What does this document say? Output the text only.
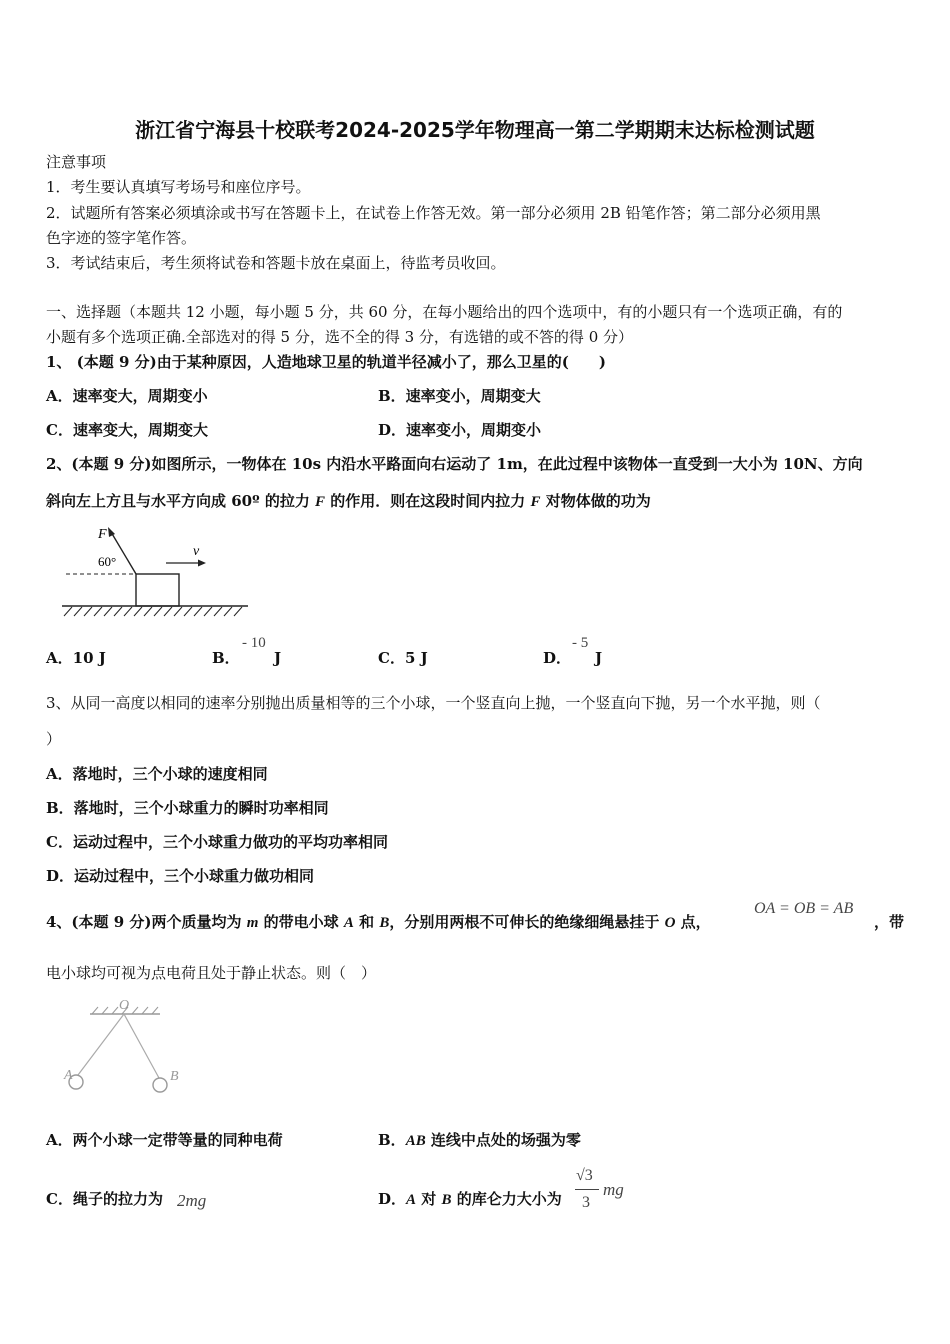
浙江省宁海县十校联考2024-2025学年物理高一第二学期期末达标检测试题
注意事项
1．考生要认真填写考场号和座位序号。
2．试题所有答案必须填涂或书写在答题卡上，在试卷上作答无效。第一部分必须用 2B 铅笔作答；第二部分必须用黑
色字迹的签字笔作答。
3．考试结束后，考生须将试卷和答题卡放在桌面上，待监考员收回。
一、选择题（本题共 12 小题，每小题 5 分，共 60 分，在每小题给出的四个选项中，有的小题只有一个选项正确，有的
小题有多个选项正确.全部选对的得 5 分，选不全的得 3 分，有选错的或不答的得 0 分）
1、 (本题 9 分)由于某种原因，人造地球卫星的轨道半径减小了，那么卫星的(　　)
A．速率变大，周期变小	B．速率变小，周期变大
C．速率变大，周期变大	D．速率变小，周期变小
2、(本题 9 分)如图所示，一物体在 10s 内沿水平路面向右运动了 1m，在此过程中该物体一直受到一大小为 10N、方向
斜向左上方且与水平方向成 60º 的拉力 F 的作用．则在这段时间内拉力 F 对物体做的功为
F
60°
v
A．10 J	B．
- 10
J	C．5 J	D．
- 5
J
3、从同一高度以相同的速率分别抛出质量相等的三个小球，一个竖直向上抛，一个竖直向下抛，另一个水平抛，则（
）
A．落地时，三个小球的速度相同
B．落地时，三个小球重力的瞬时功率相同
C．运动过程中，三个小球重力做功的平均功率相同
D．运动过程中，三个小球重力做功相同
4、(本题 9 分)两个质量均为 m 的带电小球 A 和 B，分别用两根不可伸长的绝缘细绳悬挂于 O 点，
OA = OB = AB
，带
电小球均可视为点电荷且处于静止状态。则（　）
O
A	B
A．两个小球一定带等量的同种电荷	B．AB 连线中点处的场强为零
C．绳子的拉力为 2mg	D．A 对 B 的库仑力大小为
√3
3
mg
